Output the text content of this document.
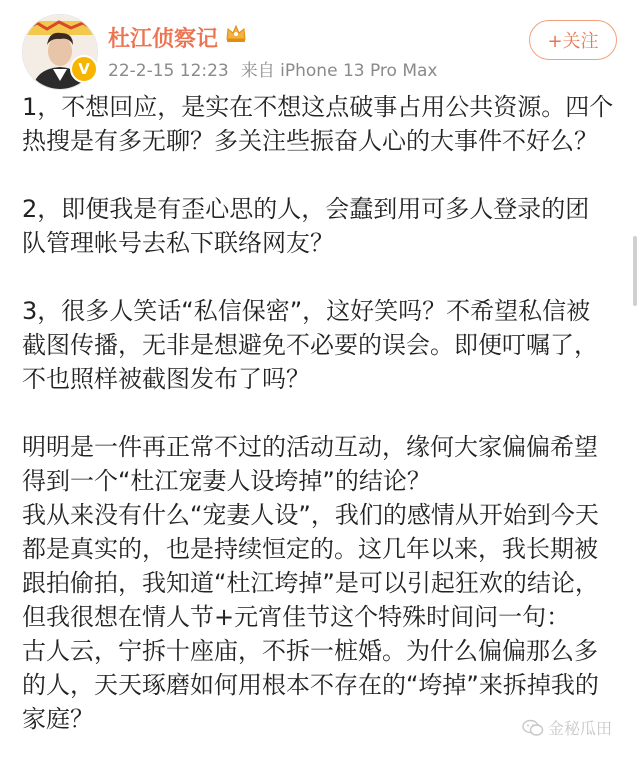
V
杜江侦察记
22-2-15 12:23 来自 iPhone 13 Pro Max
+关注
1，不想回应，是实在不想这点破事占用公共资源。四个
热搜是有多无聊？多关注些振奋人心的大事件不好么？
2，即便我是有歪心思的人，会蠢到用可多人登录的团
队管理帐号去私下联络网友？
3，很多人笑话“私信保密”，这好笑吗？不希望私信被
截图传播，无非是想避免不必要的误会。即便叮嘱了，
不也照样被截图发布了吗？
明明是一件再正常不过的活动互动，缘何大家偏偏希望
得到一个“杜江宠妻人设垮掉”的结论？
我从来没有什么“宠妻人设”，我们的感情从开始到今天
都是真实的，也是持续恒定的。这几年以来，我长期被
跟拍偷拍，我知道“杜江垮掉”是可以引起狂欢的结论，
但我很想在情人节+元宵佳节这个特殊时间问一句：
古人云，宁拆十座庙，不拆一桩婚。为什么偏偏那么多
的人，天天琢磨如何用根本不存在的“垮掉”来拆掉我的
家庭？	金秘瓜田
